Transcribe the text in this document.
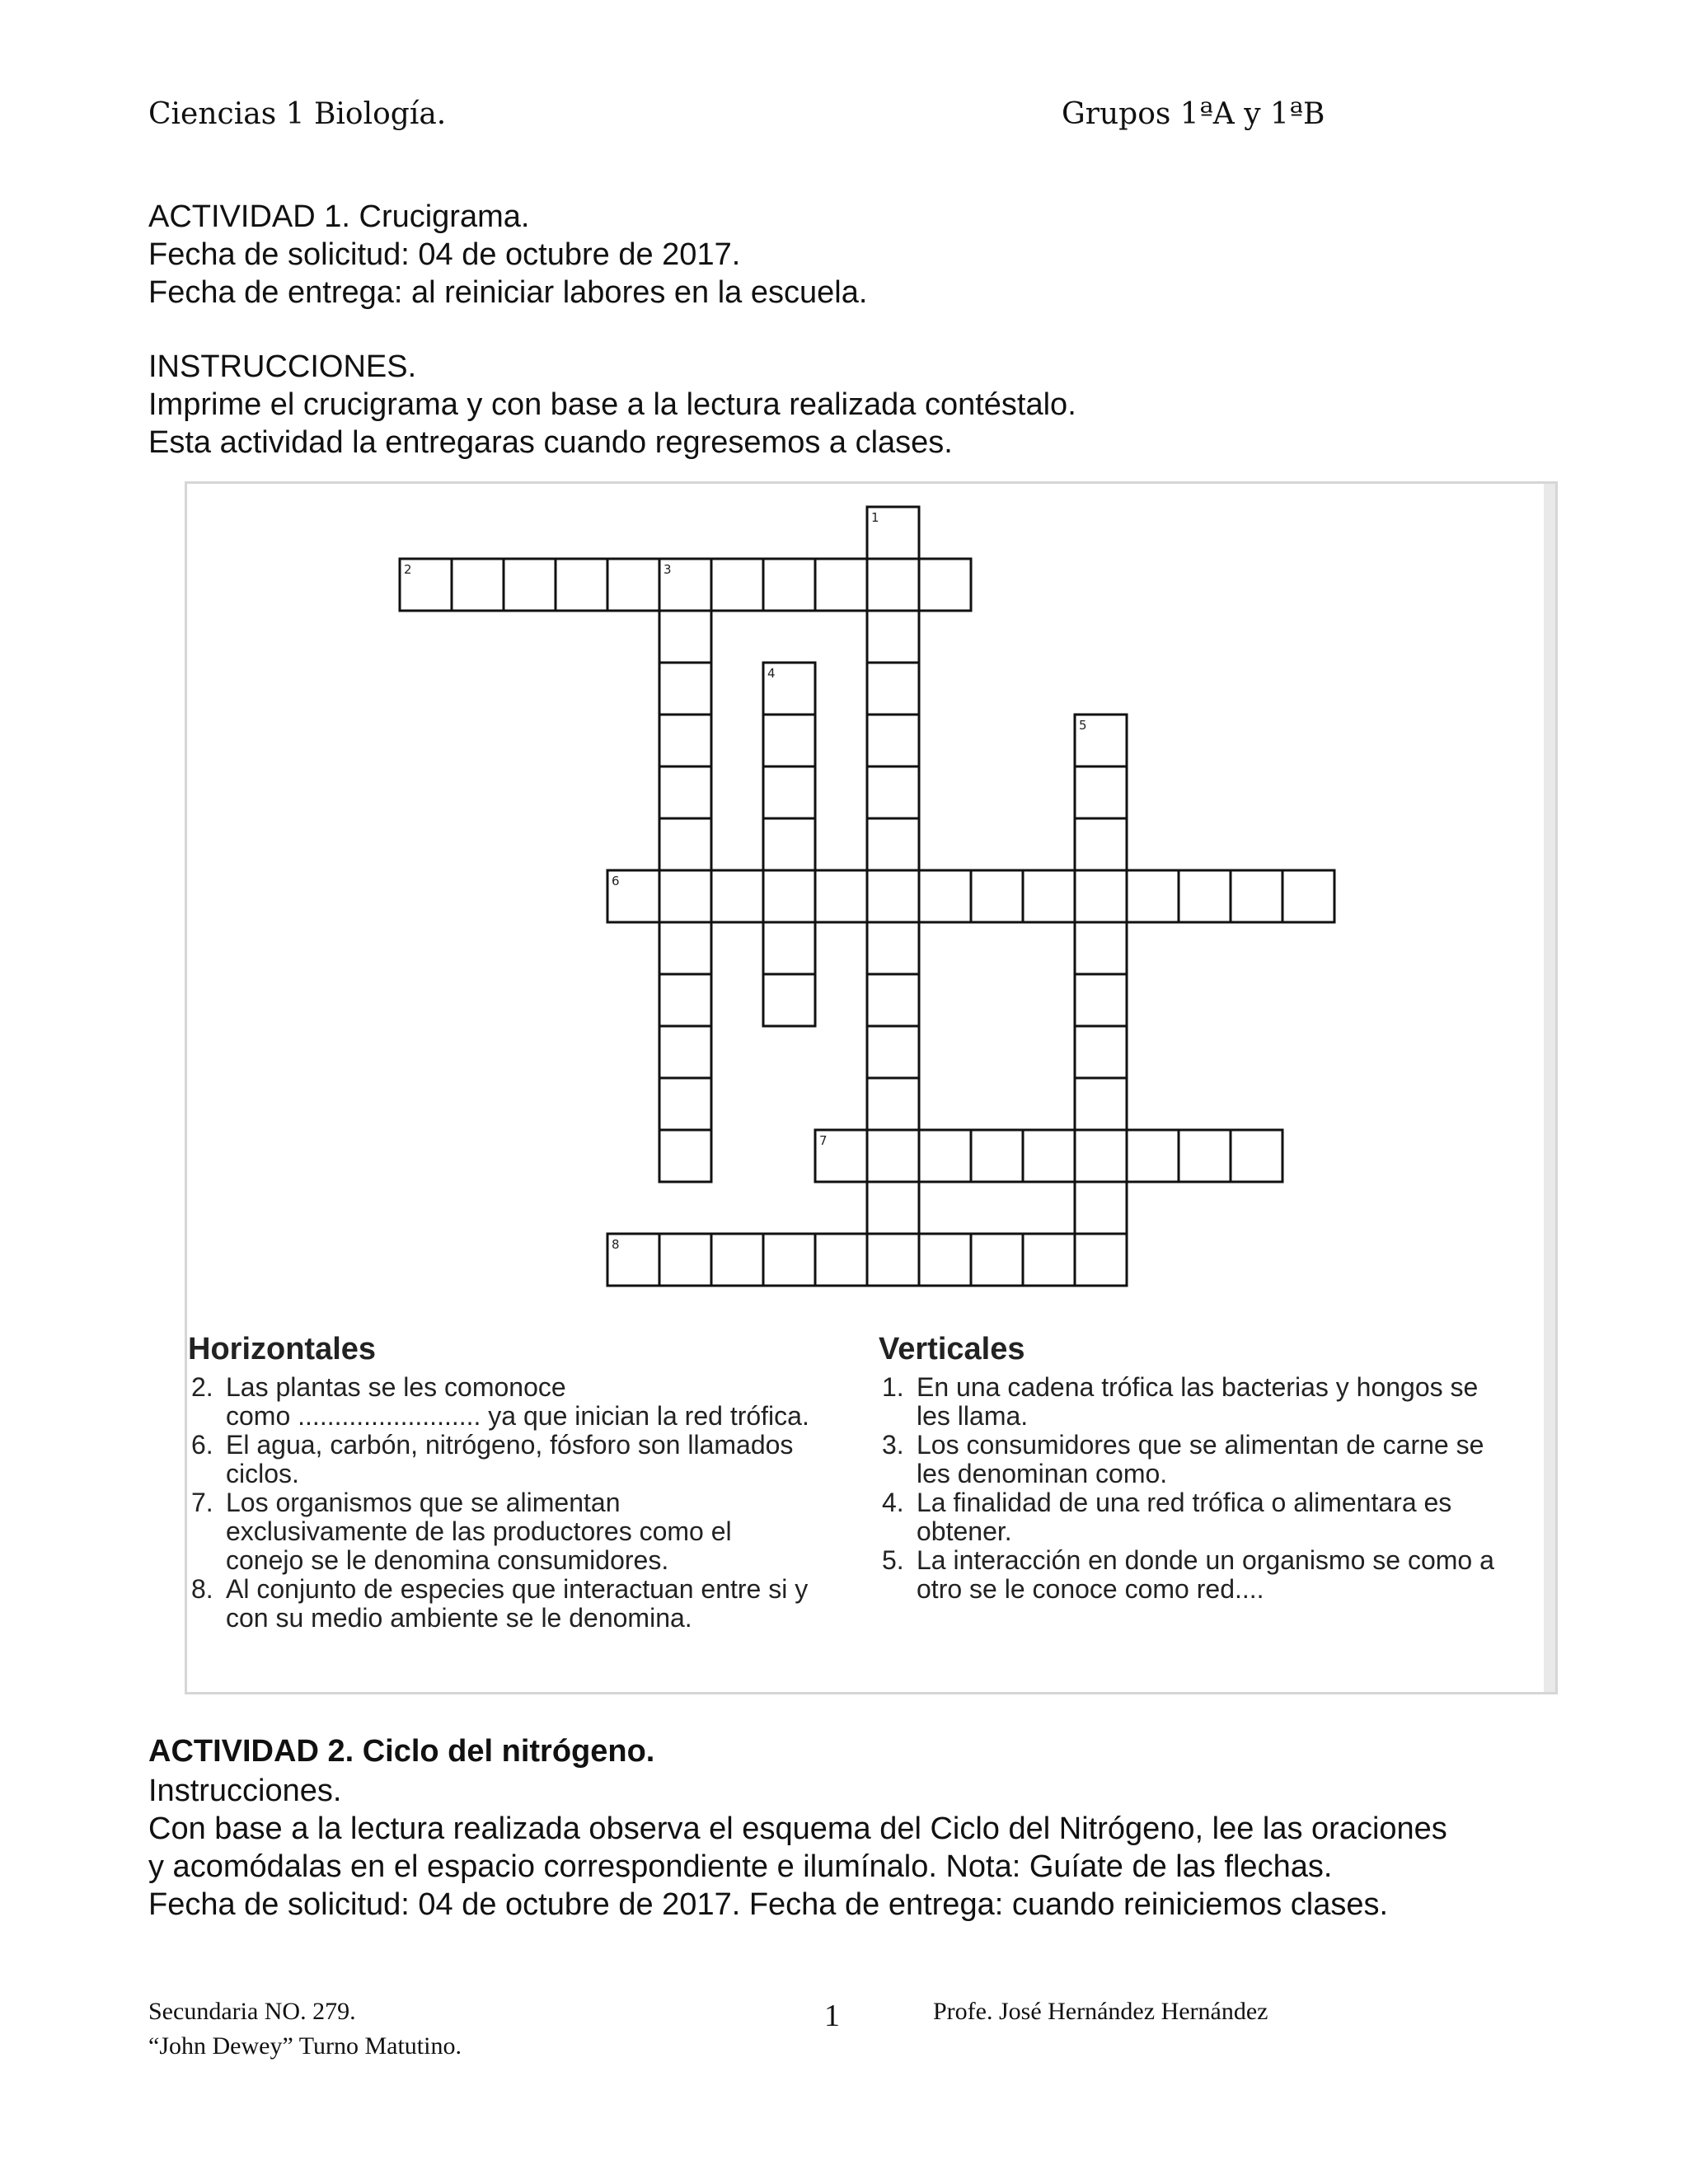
Ciencias 1 Biología.	Grupos 1ªA y 1ªB
ACTIVIDAD 1. Crucigrama.
Fecha de solicitud: 04 de octubre de 2017.
Fecha de entrega: al reiniciar labores en la escuela.
INSTRUCCIONES.
Imprime el crucigrama y con base a la lectura realizada contéstalo.
Esta actividad la entregaras cuando regresemos a clases.
1
2	3
4
5
6
7
8
Horizontales	Verticales
2. Las plantas se les comonoce
como ......................... ya que inician la red trófica.
6. El agua, carbón, nitrógeno, fósforo son llamados
ciclos.
7. Los organismos que se alimentan
exclusivamente de las productores como el
conejo se le denomina consumidores.
8. Al conjunto de especies que interactuan entre si y
con su medio ambiente se le denomina.
1. En una cadena trófica las bacterias y hongos se
les llama.
3. Los consumidores que se alimentan de carne se
les denominan como.
4. La finalidad de una red trófica o alimentara es
obtener.
5. La interacción en donde un organismo se como a
otro se le conoce como red....
ACTIVIDAD 2. Ciclo del nitrógeno.
Instrucciones.
Con base a la lectura realizada observa el esquema del Ciclo del Nitrógeno, lee las oraciones
y acomódalas en el espacio correspondiente e ilumínalo. Nota: Guíate de las flechas.
Fecha de solicitud: 04 de octubre de 2017. Fecha de entrega: cuando reiniciemos clases.
Secundaria NO. 279.
“John Dewey” Turno Matutino.
1	Profe. José Hernández Hernández
